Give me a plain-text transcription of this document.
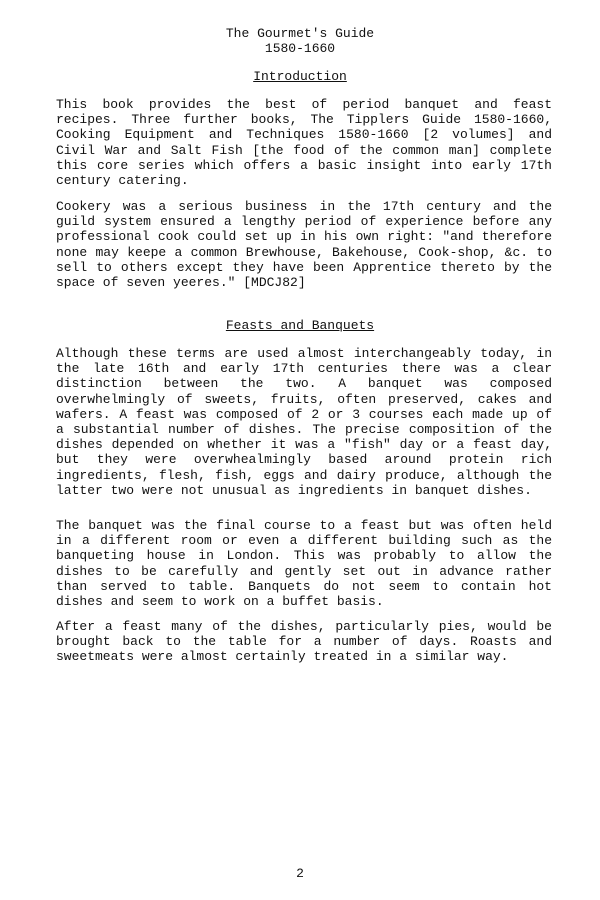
The Gourmet's Guide
1580-1660
Introduction

This book provides the best of period banquet and feast recipes. Three further books, The Tipplers Guide 1580-1660, Cooking Equipment and Techniques 1580-1660 [2 volumes] and Civil War and Salt Fish [the food of the common man] complete this core series which offers a basic insight into early 17th century catering.

Cookery was a serious business in the 17th century and the guild system ensured a lengthy period of experience before any professional cook could set up in his own right: "and therefore none may keepe a common Brewhouse, Bakehouse, Cook-shop, &c. to sell to others except they have been Apprentice thereto by the space of seven yeeres." [MDCJ82]

Feasts and Banquets

Although these terms are used almost interchangeably today, in the late 16th and early 17th centuries there was a clear distinction between the two. A banquet was composed overwhelmingly of sweets, fruits, often preserved, cakes and wafers. A feast was composed of 2 or 3 courses each made up of a substantial number of dishes. The precise composition of the dishes depended on whether it was a "fish" day or a feast day, but they were overwhealmingly based around protein rich ingredients, flesh, fish, eggs and dairy produce, although the latter two were not unusual as ingredients in banquet dishes.

The banquet was the final course to a feast but was often held in a different room or even a different building such as the banqueting house in London. This was probably to allow the dishes to be carefully and gently set out in advance rather than served to table. Banquets do not seem to contain hot dishes and seem to work on a buffet basis.

After a feast many of the dishes, particularly pies, would be brought back to the table for a number of days. Roasts and sweetmeats were almost certainly treated in a similar way.

2
